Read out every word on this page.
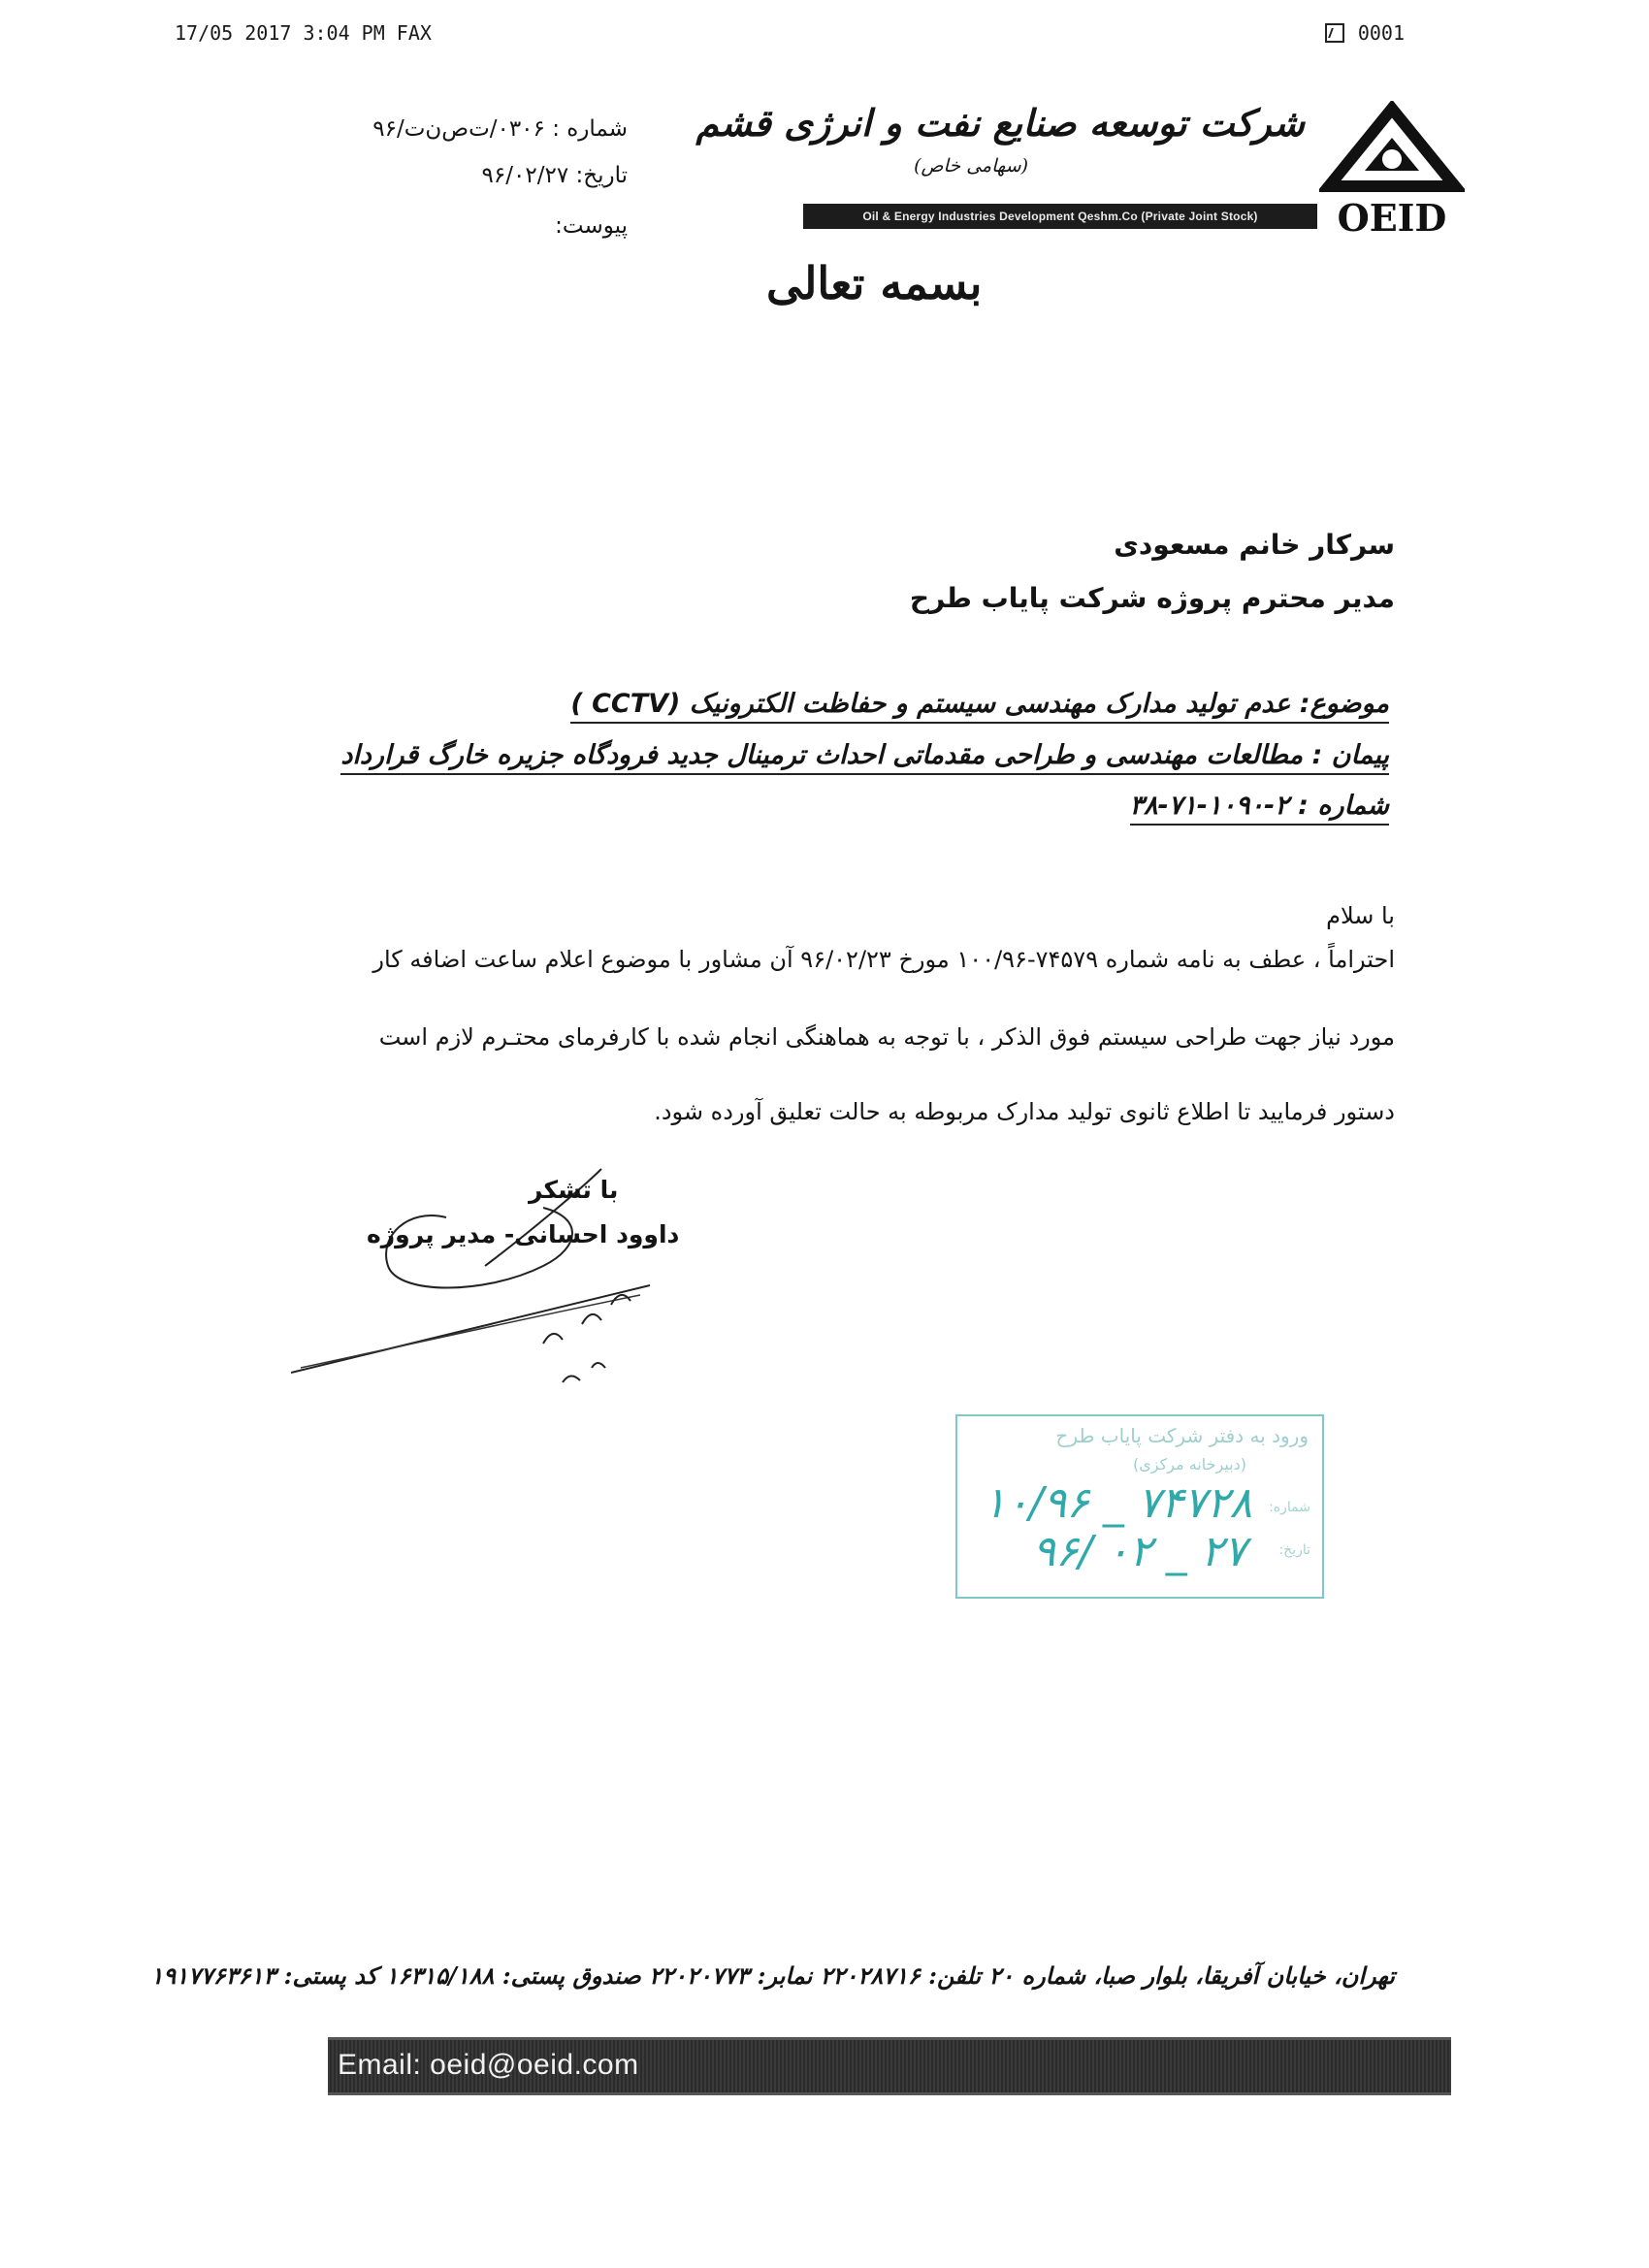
17/05 2017 3:04 PM FAX	0001
شماره : ۰۳۰۶/ت‌ص‌ن‌ت/۹۶
تاریخ: ۹۶/۰۲/۲۷
پیوست:
شرکت توسعه صنایع نفت و انرژی قشم
(سهامی خاص)
Oil & Energy Industries Development Qeshm.Co (Private Joint Stock)	OEID
بسمه تعالی
سرکار خانم مسعودی
مدیر محترم پروژه شرکت پایاب طرح
موضوع: عدم تولید مدارک مهندسی سیستم و حفاظت الکترونیک (CCTV )
پیمان : مطالعات مهندسی و طراحی مقدماتی احداث ترمینال جدید فرودگاه جزیره خارگ قرارداد
شماره : ۲-۱۰۹۰-۷۱-۳۸
با سلام
احتراماً ، عطف به نامه شماره ۷۴۵۷۹-۱۰۰/۹۶ مورخ ۹۶/۰۲/۲۳ آن مشاور با موضوع اعلام ساعت اضافه کار
مورد نیاز جهت طراحی سیستم فوق الذکر ، با توجه به هماهنگی انجام شده با کارفرمای محتـرم لازم است
دستور فرمایید تا اطلاع ثانوی تولید مدارک مربوطه به حالت تعلیق آورده شود.
با تشکر
داوود احسانی- مدیر پروژه
ورود به دفتر شرکت پایاب طرح
(دبیرخانه مرکزی)
شماره:
تاریخ:
۱۰/۹۶ _ ۷۴۷۲۸
۹۶/ ۰۲ _ ۲۷
تهران، خیابان آفریقا، بلوار صبا، شماره ۲۰ تلفن: ۲۲۰۲۸۷۱۶ نمابر: ۲۲۰۲۰۷۷۳ صندوق پستی: ۱۶۳۱۵/۱۸۸ کد پستی: ۱۹۱۷۷۶۳۶۱۳
Email: oeid@oeid.com
